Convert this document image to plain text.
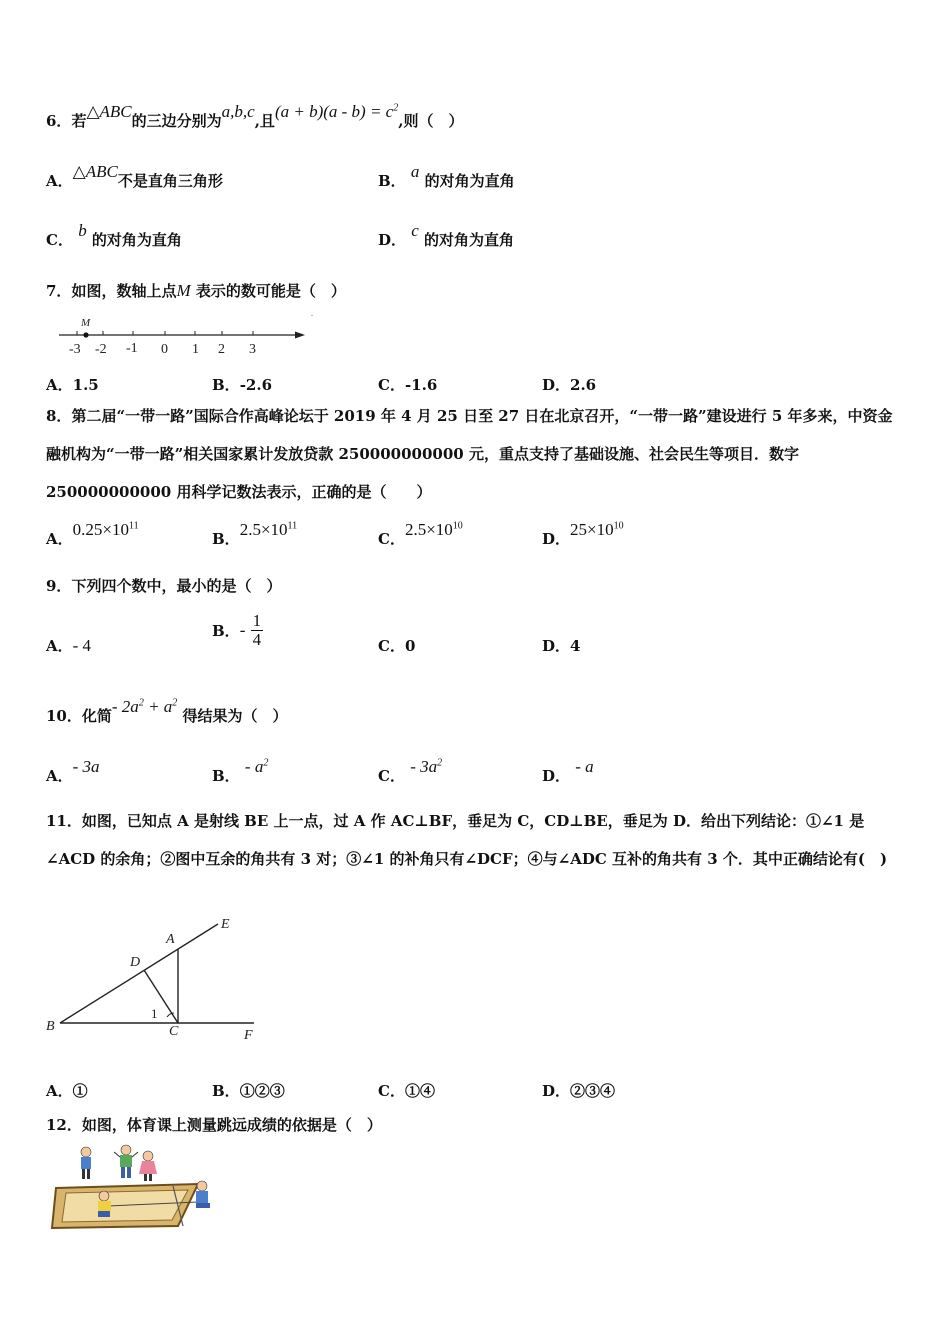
6．若△ABC的三边分别为a,b,c,且$(a + b)(a - b) = c^2$,则（　）
A．△ABC不是直角三角形	B． a 的对角为直角
C． b 的对角为直角	D． c 的对角为直角
7．如图，数轴上点M 表示的数可能是（　）
.
M
-3 -2 -1 0 1 2 3
A．1.5	B．-2.6	C．-1.6	D．2.6
8．第二届“一带一路”国际合作高峰论坛于 2019 年 4 月 25 日至 27 日在北京召开，“一带一路”建设进行 5 年多来，中资金融机构为“一带一路”相关国家累计发放贷款 250000000000 元，重点支持了基础设施、社会民生等项目．数字 250000000000 用科学记数法表示，正确的是（　　）
A．$0.25\times 10^{11}$
B．$2.5\times 10^{11}$
C．$2.5\times 10^{10}$
D．$25\times 10^{10}$
9．下列四个数中，最小的是（　）
A．- 4
B．- $\frac{1}{4}$	C．0	D．4
10．化简- $2a^2 + a^2$ 得结果为（　）
A．- 3a	B． - $a^2$
C． - $3a^2$
D． - a
11．如图，已知点 A 是射线 BE 上一点，过 A 作 AC⊥BF，垂足为 C，CD⊥BE，垂足为 D．给出下列结论：①∠1 是∠ACD 的余角；②图中互余的角共有 3 对；③∠1 的补角只有∠DCF；④与∠ADC 互补的角共有 3 个．其中正确结论有(　)
A
B	C
D
E
F
1
A．①	B．①②③	C．①④	D．②③④
12．如图，体育课上测量跳远成绩的依据是（　）
